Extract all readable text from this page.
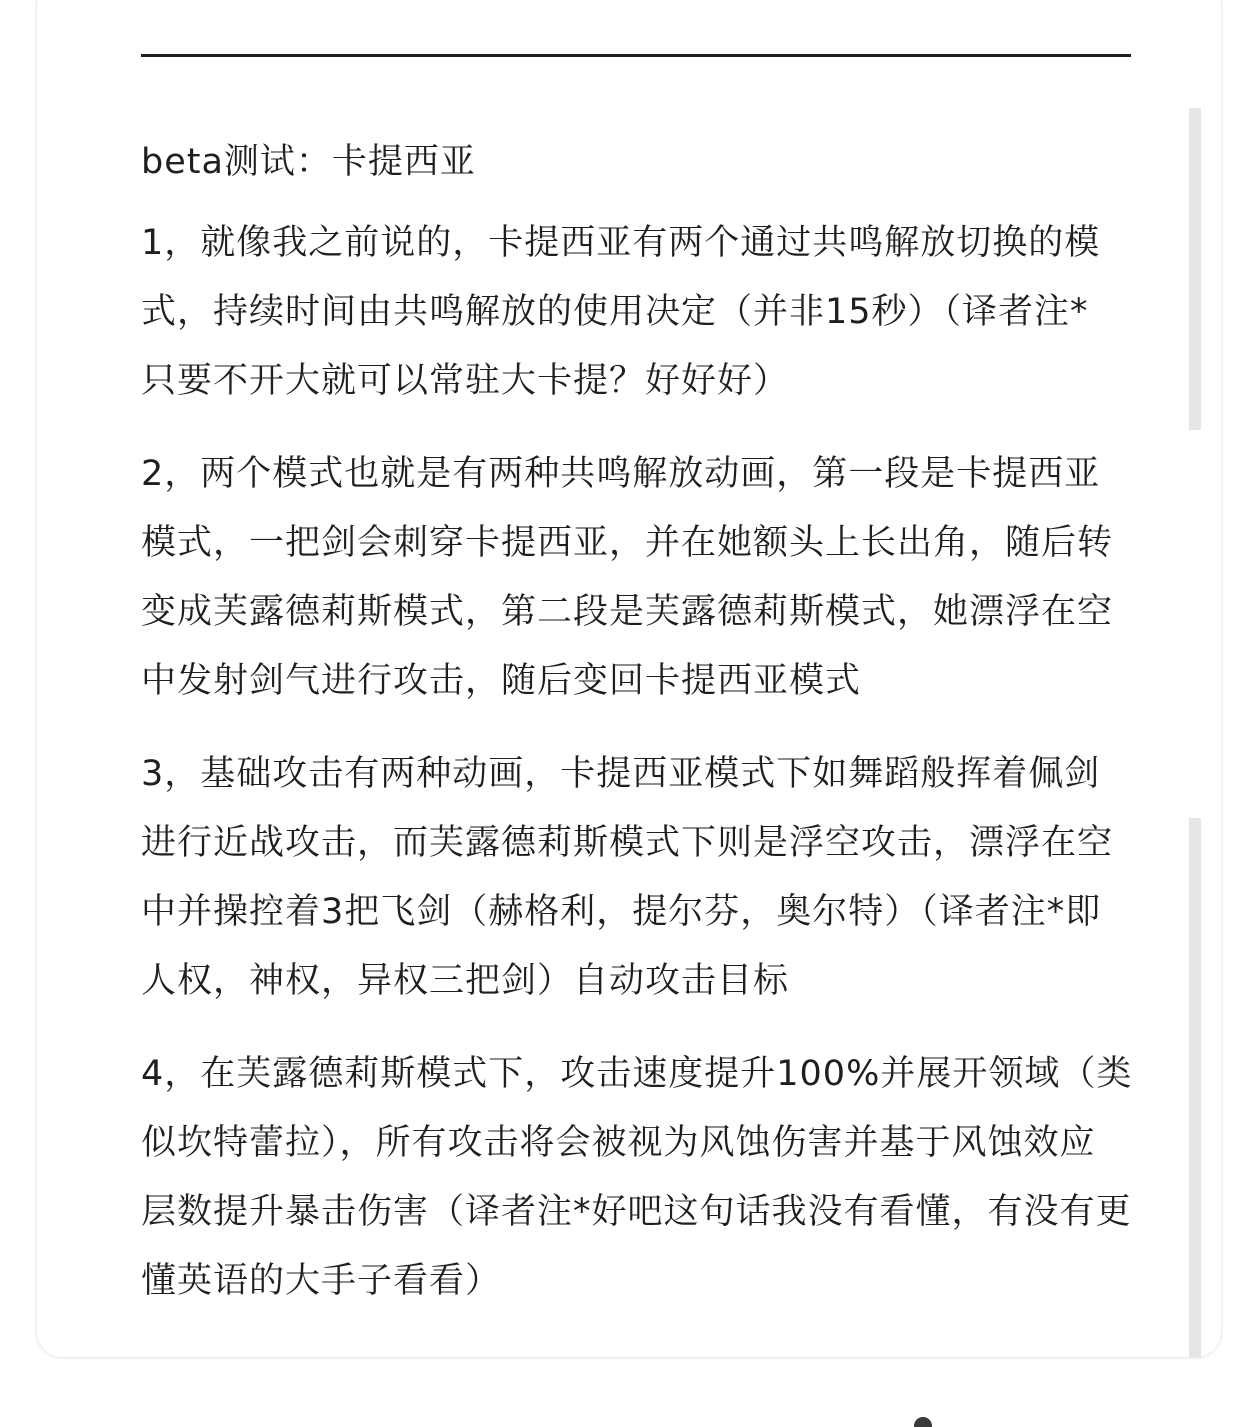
beta测试：卡提西亚

1，就像我之前说的，卡提西亚有两个通过共鸣解放切换的模
式，持续时间由共鸣解放的使用决定（并非15秒）（译者注*
只要不开大就可以常驻大卡提？好好好）

2，两个模式也就是有两种共鸣解放动画，第一段是卡提西亚
模式，一把剑会刺穿卡提西亚，并在她额头上长出角，随后转
变成芙露德莉斯模式，第二段是芙露德莉斯模式，她漂浮在空
中发射剑气进行攻击，随后变回卡提西亚模式

3，基础攻击有两种动画，卡提西亚模式下如舞蹈般挥着佩剑
进行近战攻击，而芙露德莉斯模式下则是浮空攻击，漂浮在空
中并操控着3把飞剑（赫格利，提尔芬，奥尔特）（译者注*即
人权，神权，异权三把剑）自动攻击目标

4，在芙露德莉斯模式下，攻击速度提升100%并展开领域（类
似坎特蕾拉），所有攻击将会被视为风蚀伤害并基于风蚀效应
层数提升暴击伤害（译者注*好吧这句话我没有看懂，有没有更
懂英语的大手子看看）
